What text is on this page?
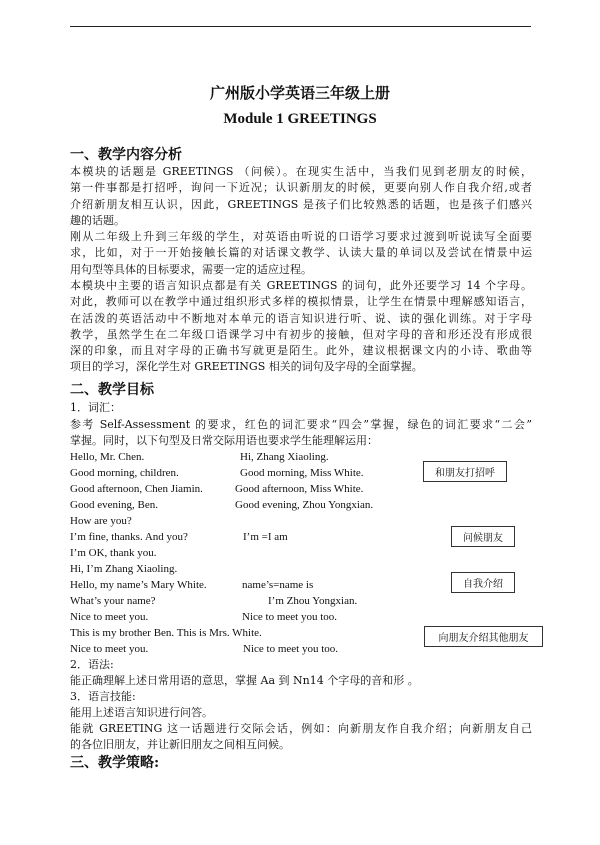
广州版小学英语三年级上册
Module 1 GREETINGS
一、教学内容分析
本模块的话题是 GREETINGS （问候）。在现实生活中，当我们见到老朋友的时候，
第一件事都是打招呼，询问一下近况；认识新朋友的时候，更要向别人作自我介绍,或者
介绍新朋友相互认识，因此，GREETINGS 是孩子们比较熟悉的话题，也是孩子们感兴
趣的话题。
刚从二年级上升到三年级的学生，对英语由听说的口语学习要求过渡到听说读写全面要
求，比如，对于一开始接触长篇的对话课文教学、认读大量的单词以及尝试在情景中运
用句型等具体的目标要求，需要一定的适应过程。
本模块中主要的语言知识点都是有关 GREETINGS 的词句，此外还要学习 14 个字母。
对此，教师可以在教学中通过组织形式多样的模拟情景，让学生在情景中理解感知语言，
在活泼的英语活动中不断地对本单元的语言知识进行听、说、读的强化训练。对于字母
教学，虽然学生在二年级口语课学习中有初步的接触，但对字母的音和形还没有形成很
深的印象，而且对字母的正确书写就更是陌生。此外，建议根据课文内的小诗、歌曲等
项目的学习，深化学生对 GREETINGS 相关的词句及字母的全面掌握。
二、教学目标
1．词汇：
参考 Self-Assessment 的要求，红色的词汇要求“四会”掌握，绿色的词汇要求“二会”
掌握。同时，以下句型及日常交际用语也要求学生能理解运用：
Hello, Mr. Chen.	Hi, Zhang Xiaoling.
Good morning, children.	Good morning, Miss White.
Good afternoon, Chen Jiamin.	Good afternoon, Miss White.
Good evening, Ben.	Good evening, Zhou Yongxian.
How are you?
I’m fine, thanks. And you?	I’m =I am
I’m OK, thank you.
Hi, I’m Zhang Xiaoling.
Hello, my name’s Mary White.	name’s=name is
What’s your name?	I’m Zhou Yongxian.
Nice to meet you.	Nice to meet you too.
This is my brother Ben. This is Mrs. White.
Nice to meet you.	Nice to meet you too.
和朋友打招呼
问候朋友
自我介绍
向朋友介绍其他朋友
2．语法:
能正确理解上述日常用语的意思，掌握 Aa 到 Nn14 个字母的音和形 。
3．语言技能:
能用上述语言知识进行问答。
能就 GREETING 这一话题进行交际会话，例如：向新朋友作自我介绍；向新朋友自己
的各位旧朋友，并让新旧朋友之间相互问候。
三、教学策略:
